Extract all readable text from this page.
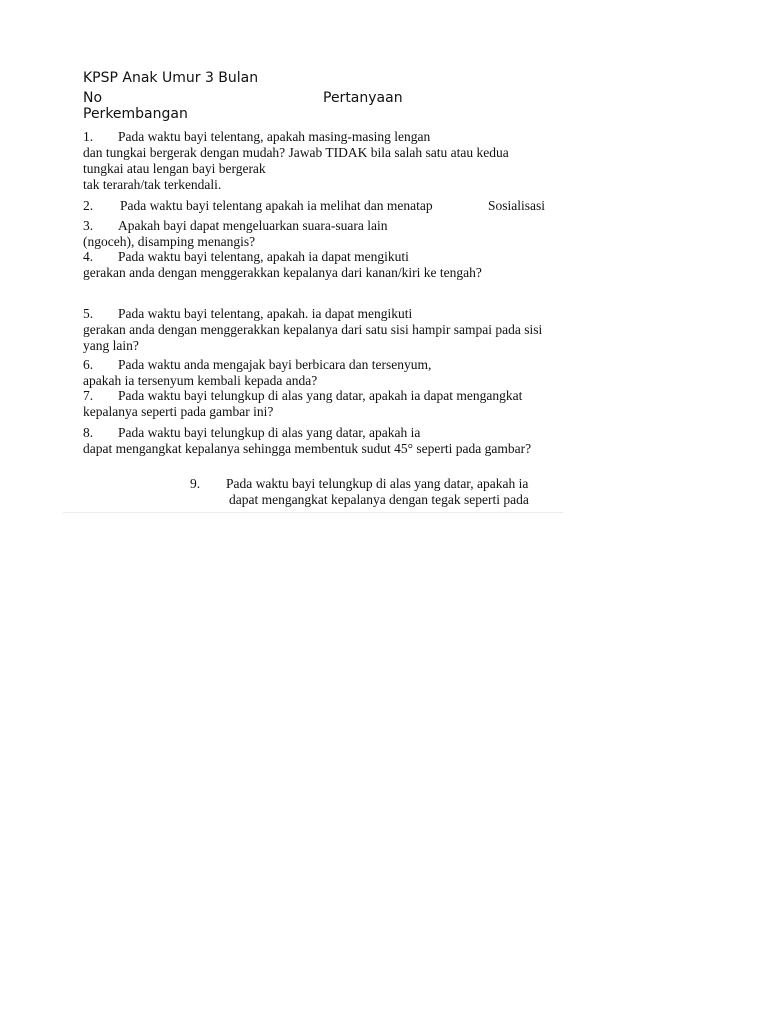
KPSP Anak Umur 3 Bulan
No	Pertanyaan
Perkembangan
1. Pada waktu bayi telentang, apakah masing-masing lengan
dan tungkai bergerak dengan mudah? Jawab TIDAK bila salah satu atau kedua
tungkai atau lengan bayi bergerak
tak terarah/tak terkendali.
2. Pada waktu bayi telentang apakah ia melihat dan menatap	Sosialisasi
3. Apakah bayi dapat mengeluarkan suara-suara lain
(ngoceh), disamping menangis?
4. Pada waktu bayi telentang, apakah ia dapat mengikuti
gerakan anda dengan menggerakkan kepalanya dari kanan/kiri ke tengah?
5. Pada waktu bayi telentang, apakah. ia dapat mengikuti
gerakan anda dengan menggerakkan kepalanya dari satu sisi hampir sampai pada sisi
yang lain?
6. Pada waktu anda mengajak bayi berbicara dan tersenyum,
apakah ia tersenyum kembali kepada anda?
7. Pada waktu bayi telungkup di alas yang datar, apakah ia dapat mengangkat
kepalanya seperti pada gambar ini?
8. Pada waktu bayi telungkup di alas yang datar, apakah ia
dapat mengangkat kepalanya sehingga membentuk sudut 45° seperti pada gambar?
9. Pada waktu bayi telungkup di alas yang datar, apakah ia
dapat mengangkat kepalanya dengan tegak seperti pada
